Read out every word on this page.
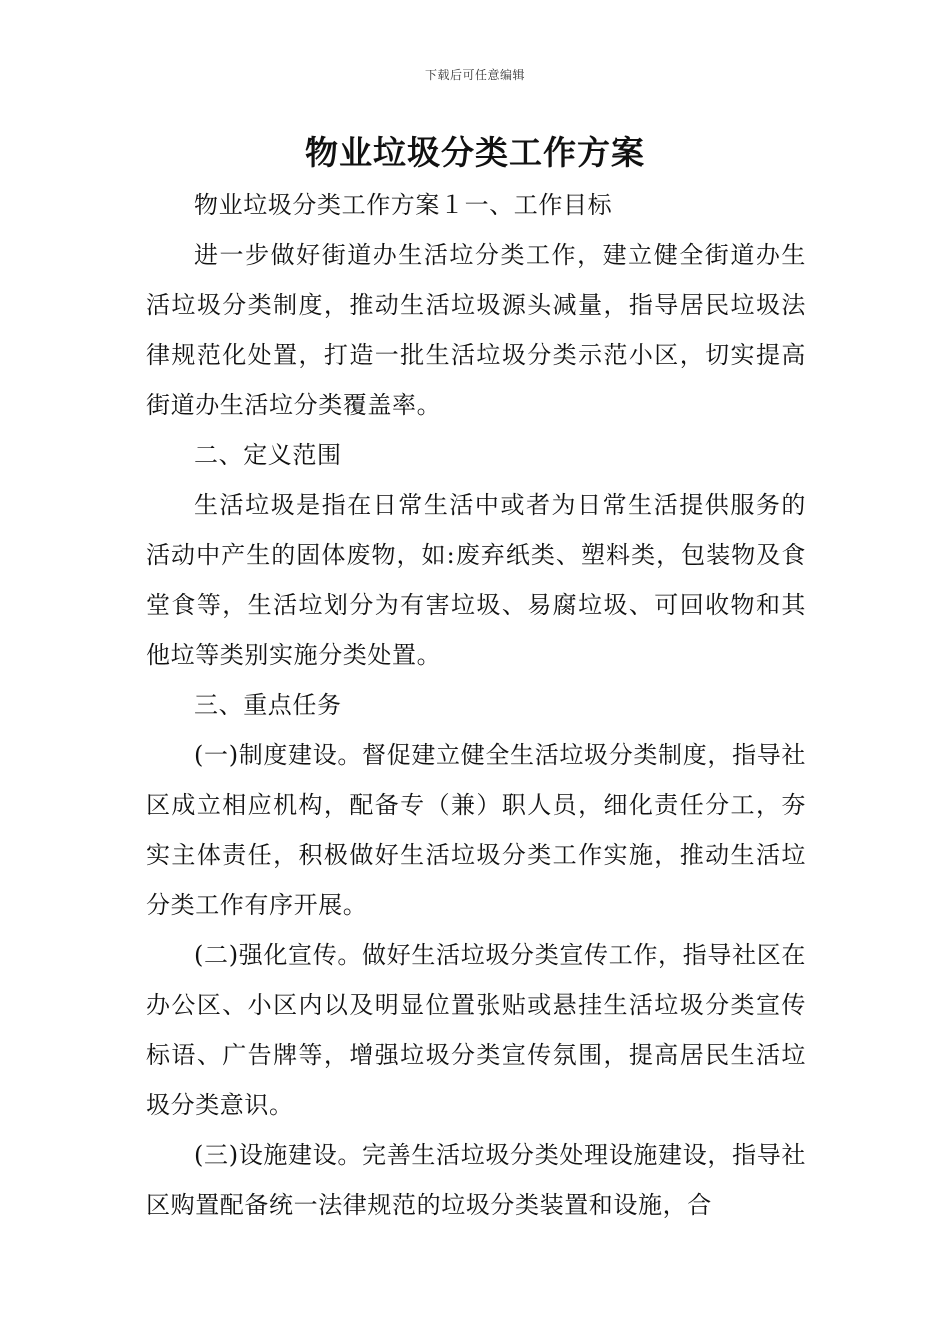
下载后可任意编辑
物业垃圾分类工作方案

物业垃圾分类工作方案１一、工作目标

进一步做好街道办生活垃分类工作，建立健全街道办生活垃圾分类制度，推动生活垃圾源头减量，指导居民垃圾法律规范化处置，打造一批生活垃圾分类示范小区，切实提高街道办生活垃分类覆盖率。

二、定义范围

生活垃圾是指在日常生活中或者为日常生活提供服务的活动中产生的固体废物，如:废弃纸类、塑料类，包装物及食堂食等，生活垃划分为有害垃圾、易腐垃圾、可回收物和其他垃等类别实施分类处置。

三、重点任务

(一)制度建设。督促建立健全生活垃圾分类制度，指导社区成立相应机构，配备专（兼）职人员，细化责任分工，夯实主体责任，积极做好生活垃圾分类工作实施，推动生活垃分类工作有序开展。

(二)强化宣传。做好生活垃圾分类宣传工作，指导社区在办公区、小区内以及明显位置张贴或悬挂生活垃圾分类宣传标语、广告牌等，增强垃圾分类宣传氛围，提高居民生活垃圾分类意识。

(三)设施建设。完善生活垃圾分类处理设施建设，指导社区购置配备统一法律规范的垃圾分类装置和设施，合
